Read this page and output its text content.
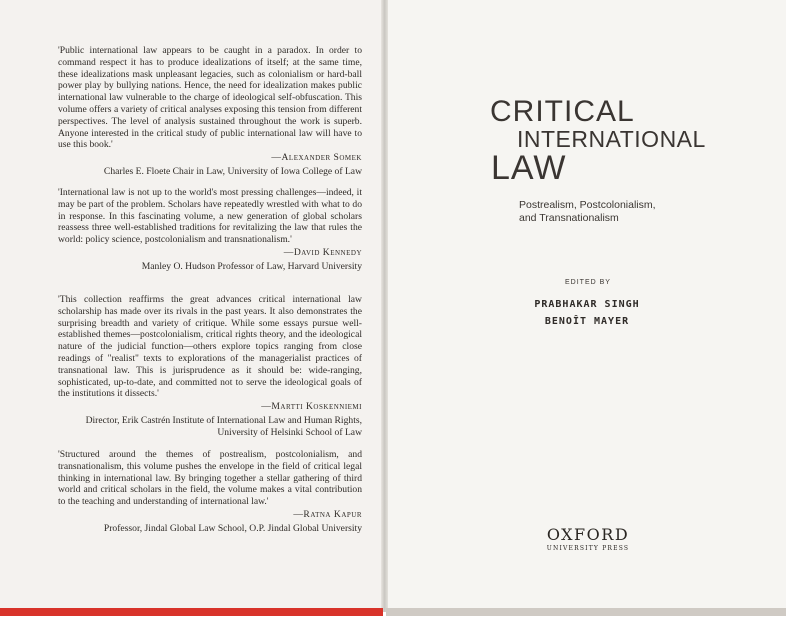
'Public international law appears to be caught in a paradox. In order to command respect it has to produce idealizations of itself; at the same time, these idealizations mask unpleasant legacies, such as colonialism or hard-ball power play by bullying nations. Hence, the need for idealization makes public international law vulnerable to the charge of ideological self-obfuscation. This volume offers a variety of critical analyses exposing this tension from different perspectives. The level of analysis sustained throughout the work is superb. Anyone interested in the critical study of public international law will have to use this book.'

—Alexander Somek

Charles E. Floete Chair in Law, University of Iowa College of Law

'International law is not up to the world's most pressing challenges—indeed, it may be part of the problem. Scholars have repeatedly wrestled with what to do in response. In this fascinating volume, a new generation of global scholars reassess three well-established traditions for revitalizing the law that rules the world: policy science, postcolonialism and transnationalism.'

—David Kennedy

Manley O. Hudson Professor of Law, Harvard University

'This collection reaffirms the great advances critical international law scholarship has made over its rivals in the past years. It also demonstrates the surprising breadth and variety of critique. While some essays pursue well-established themes—postcolonialism, critical rights theory, and the ideological nature of the judicial function—others explore topics ranging from close readings of "realist" texts to explorations of the managerialist practices of transnational law. This is jurisprudence as it should be: wide-ranging, sophisticated, up-to-date, and committed not to serve the ideological goals of the institutions it dissects.'

—Martti Koskenniemi

Director, Erik Castrén Institute of International Law and Human Rights, University of Helsinki School of Law

'Structured around the themes of postrealism, postcolonialism, and transnationalism, this volume pushes the envelope in the field of critical legal thinking in international law. By bringing together a stellar gathering of third world and critical scholars in the field, the volume makes a vital contribution to the teaching and understanding of international law.'

—Ratna Kapur

Professor, Jindal Global Law School, O.P. Jindal Global University

CRITICAL
INTERNATIONAL
LAW
Postrealism, Postcolonialism,
and Transnationalism
EDITED BY
PRABHAKAR SINGH
BENOÎT MAYER
OXFORD
UNIVERSITY PRESS
